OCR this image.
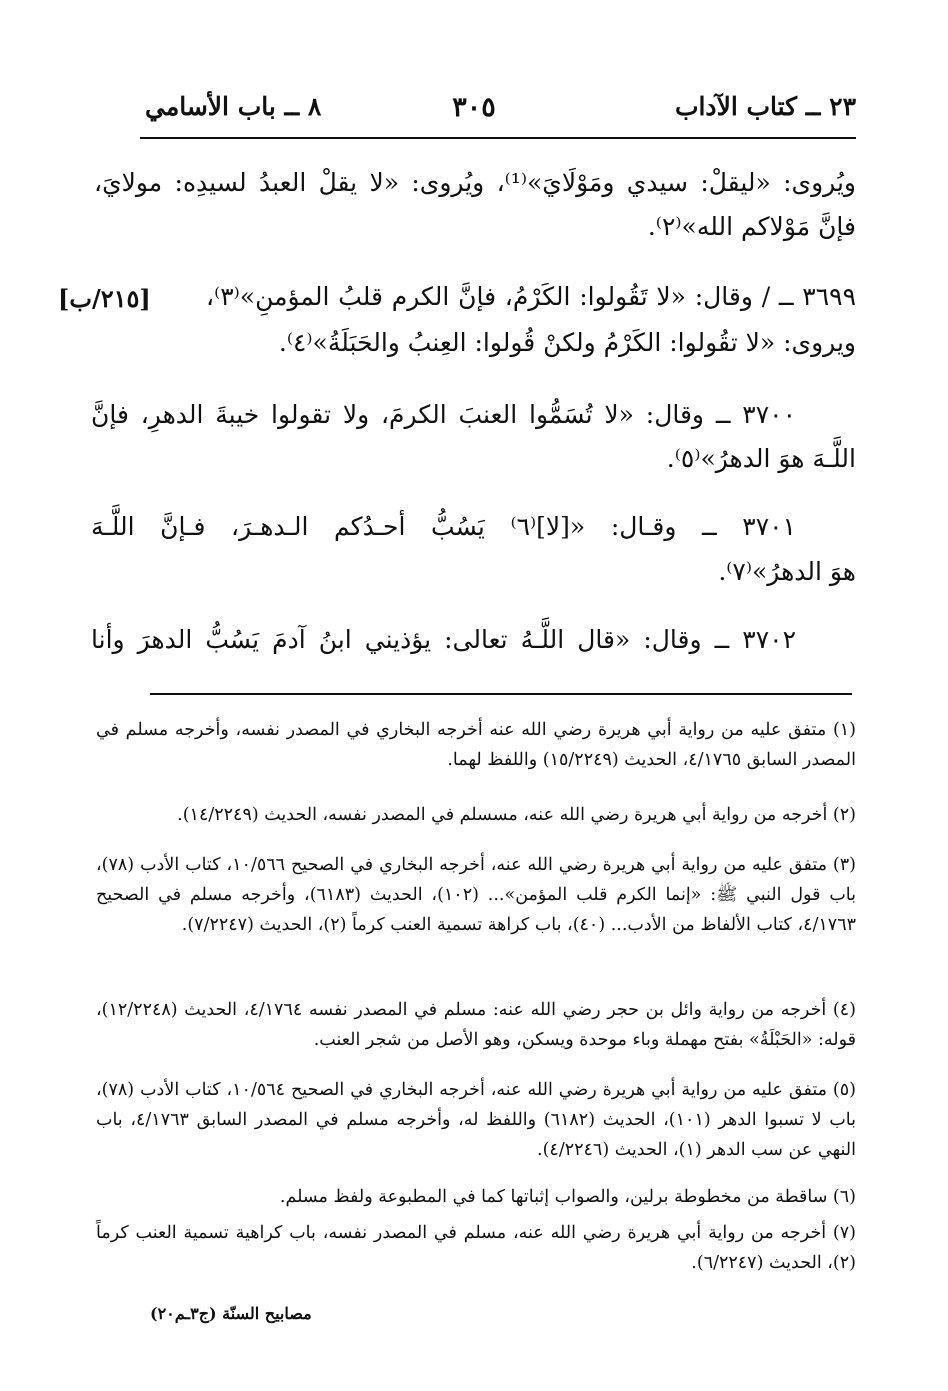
٢٣ ــ كتاب الآداب
٣٠٥
٨ ــ باب الأسامي
ويُروى: «ليقلْ: سيدي ومَوْلَايَ»⁽¹⁾، ويُروى: «لا يقلْ العبدُ لسيدِه: مولايَ،
فإنَّ مَوْلاكم الله»⁽٢⁾.
٣٦٩٩ ــ / وقال: «لا تَقُولوا: الكَرْمُ، فإنَّ الكرم قلبُ المؤمنِ»⁽٣⁾،
[٢١٥/ب]
ويروى: «لا تقُولوا: الكَرْمُ ولكنْ قُولوا: العِنبُ والحَبَلَةُ»⁽٤⁾.
٣٧٠٠ ــ وقال: «لا تُسَمُّوا العنبَ الكرمَ، ولا تقولوا خيبةَ الدهرِ، فإنَّ
اللَّـهَ هوَ الدهرُ»⁽٥⁾.
٣٧٠١ ــ وقـال: «[لا]⁽٦⁾ يَسُبُّ أحـدُكم الـدهـرَ، فـإنَّ اللَّـهَ
هوَ الدهرُ»⁽٧⁾.
٣٧٠٢ ــ وقال: «قال اللَّـهُ تعالى: يؤذيني ابنُ آدمَ يَسُبُّ الدهرَ وأنا

(١) متفق عليه من رواية أبي هريرة رضي الله عنه أخرجه البخاري في المصدر نفسه، وأخرجه مسلم في المصدر السابق ٤/١٧٦٥، الحديث (١٥/٢٢٤٩) واللفظ لهما.

(٢) أخرجه من رواية أبي هريرة رضي الله عنه، مسسلم في المصدر نفسه، الحديث (١٤/٢٢٤٩).

(٣) متفق عليه من رواية أبي هريرة رضي الله عنه، أخرجه البخاري في الصحيح ١٠/٥٦٦، كتاب الأدب (٧٨)، باب قول النبي ﷺ: «إنما الكرم قلب المؤمن»... (١٠٢)، الحديث (٦١٨٣)، وأخرجه مسلم في الصحيح ٤/١٧٦٣، كتاب الألفاظ من الأدب... (٤٠)، باب كراهة تسمية العنب كرماً (٢)، الحديث (٧/٢٢٤٧).

(٤) أخرجه من رواية وائل بن حجر رضي الله عنه: مسلم في المصدر نفسه ٤/١٧٦٤، الحديث (١٢/٢٢٤٨)، قوله: «الحَبْلَةُ» بفتح مهملة وباء موحدة ويسكن، وهو الأصل من شجر العنب.

(٥) متفق عليه من رواية أبي هريرة رضي الله عنه، أخرجه البخاري في الصحيح ١٠/٥٦٤، كتاب الأدب (٧٨)، باب لا تسبوا الدهر (١٠١)، الحديث (٦١٨٢) واللفظ له، وأخرجه مسلم في المصدر السابق ٤/١٧٦٣، باب النهي عن سب الدهر (١)، الحديث (٤/٢٢٤٦).

(٦) ساقطة من مخطوطة برلين، والصواب إثباتها كما في المطبوعة ولفظ مسلم.

(٧) أخرجه من رواية أبي هريرة رضي الله عنه، مسلم في المصدر نفسه، باب كراهية تسمية العنب كرماً (٢)، الحديث (٦/٢٢٤٧).

مصابيح السنّة (ج٣ـم٢٠)
